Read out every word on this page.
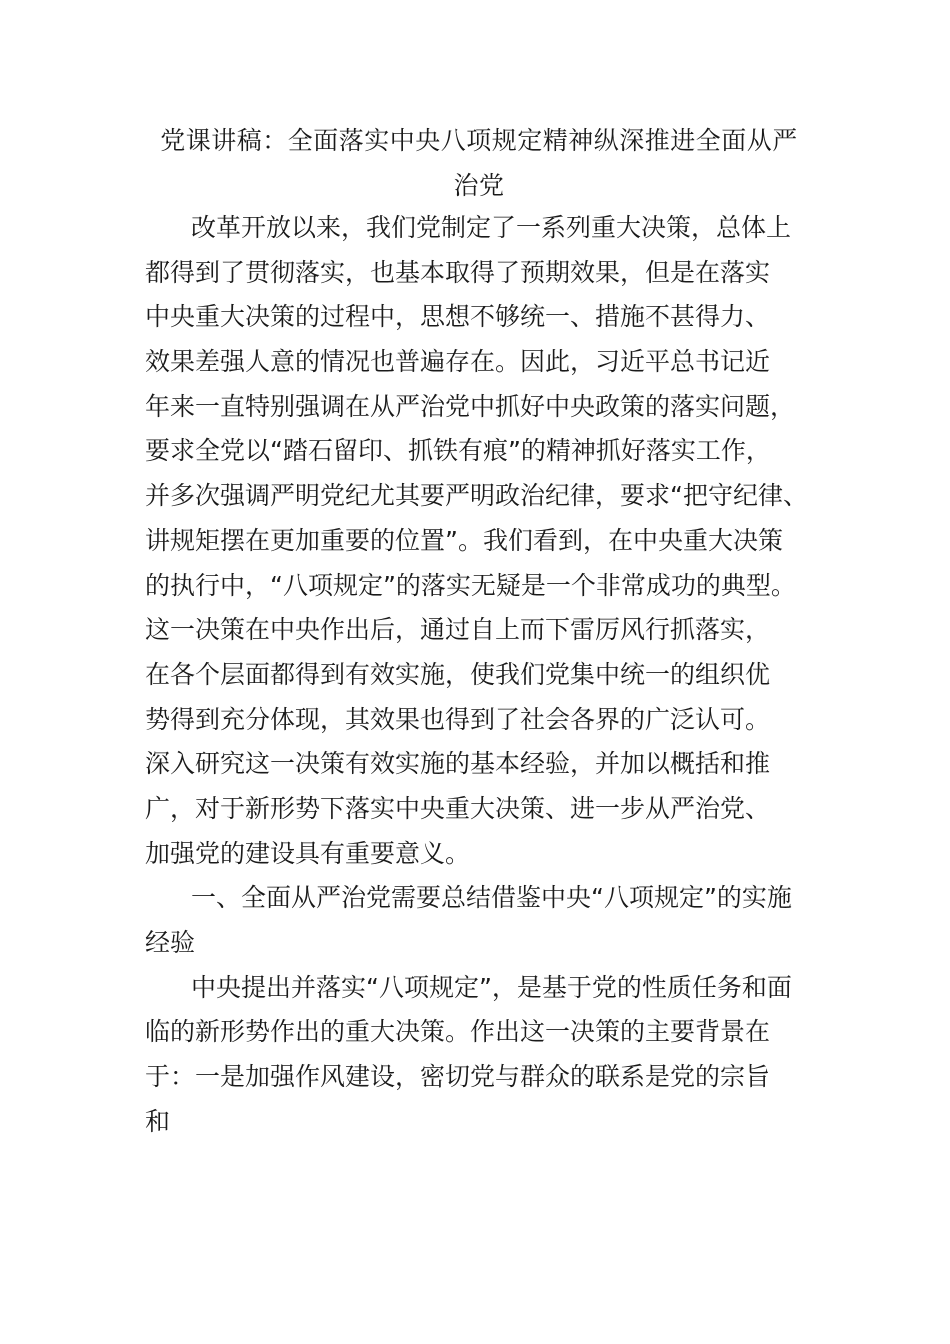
党课讲稿：全面落实中央八项规定精神纵深推进全面从严
治党
改革开放以来，我们党制定了一系列重大决策，总体上
都得到了贯彻落实，也基本取得了预期效果，但是在落实
中央重大决策的过程中，思想不够统一、措施不甚得力、
效果差强人意的情况也普遍存在。因此，习近平总书记近
年来一直特别强调在从严治党中抓好中央政策的落实问题，
要求全党以“踏石留印、抓铁有痕”的精神抓好落实工作，
并多次强调严明党纪尤其要严明政治纪律，要求“把守纪律、
讲规矩摆在更加重要的位置”。我们看到，在中央重大决策
的执行中，“八项规定”的落实无疑是一个非常成功的典型。
这一决策在中央作出后，通过自上而下雷厉风行抓落实，
在各个层面都得到有效实施，使我们党集中统一的组织优
势得到充分体现，其效果也得到了社会各界的广泛认可。
深入研究这一决策有效实施的基本经验，并加以概括和推
广，对于新形势下落实中央重大决策、进一步从严治党、
加强党的建设具有重要意义。
一、全面从严治党需要总结借鉴中央“八项规定”的实施
经验
中央提出并落实“八项规定”，是基于党的性质任务和面
临的新形势作出的重大决策。作出这一决策的主要背景在
于：一是加强作风建设，密切党与群众的联系是党的宗旨
和
